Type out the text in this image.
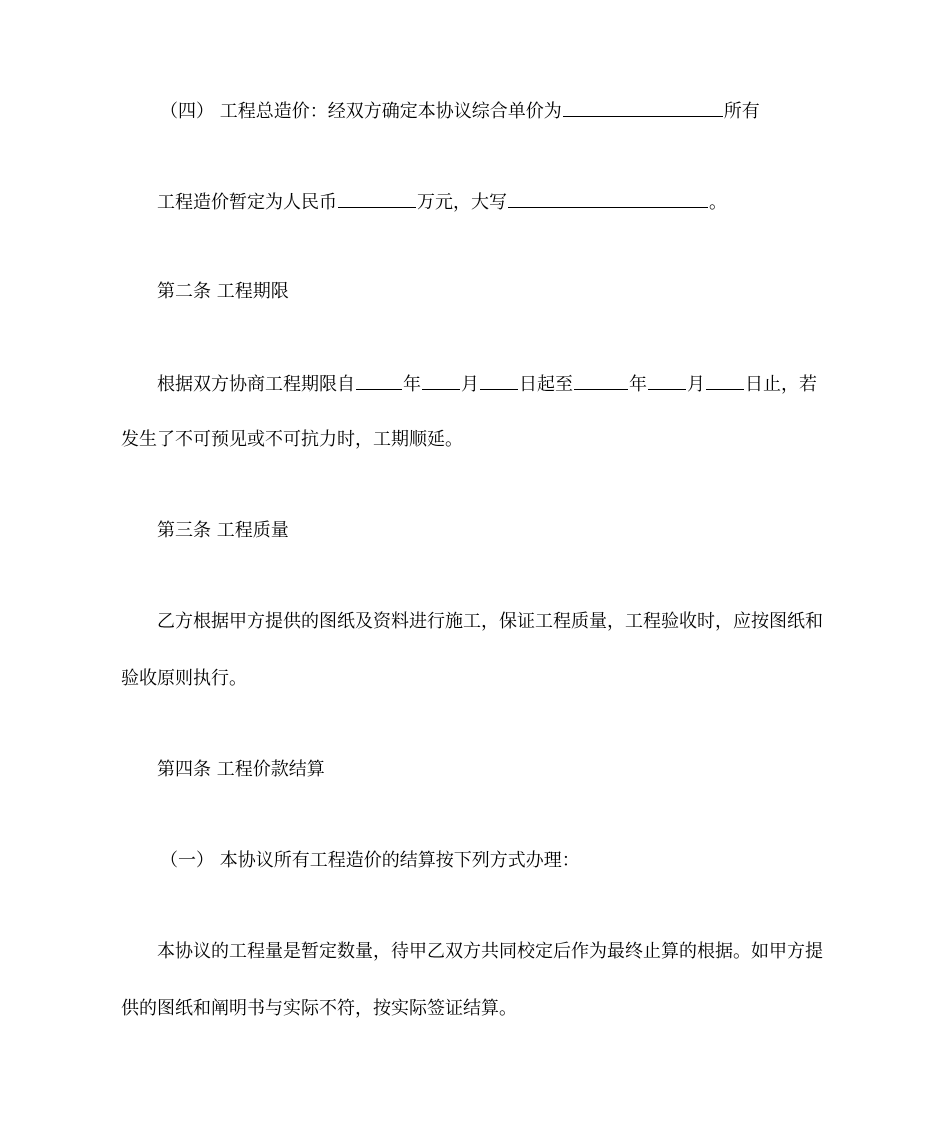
（四） 工程总造价：经双方确定本协议综合单价为	所有
工程造价暂定为人民币	万元，大写	。
第二条 工程期限
根据双方协商工程期限自	年 月 日起至	年 月 日止，若
发生了不可预见或不可抗力时，工期顺延。
第三条 工程质量
乙方根据甲方提供的图纸及资料进行施工，保证工程质量，工程验收时，应按图纸和
验收原则执行。
第四条 工程价款结算
（一） 本协议所有工程造价的结算按下列方式办理：
本协议的工程量是暂定数量，待甲乙双方共同校定后作为最终止算的根据。如甲方提
供的图纸和阐明书与实际不符，按实际签证结算。
